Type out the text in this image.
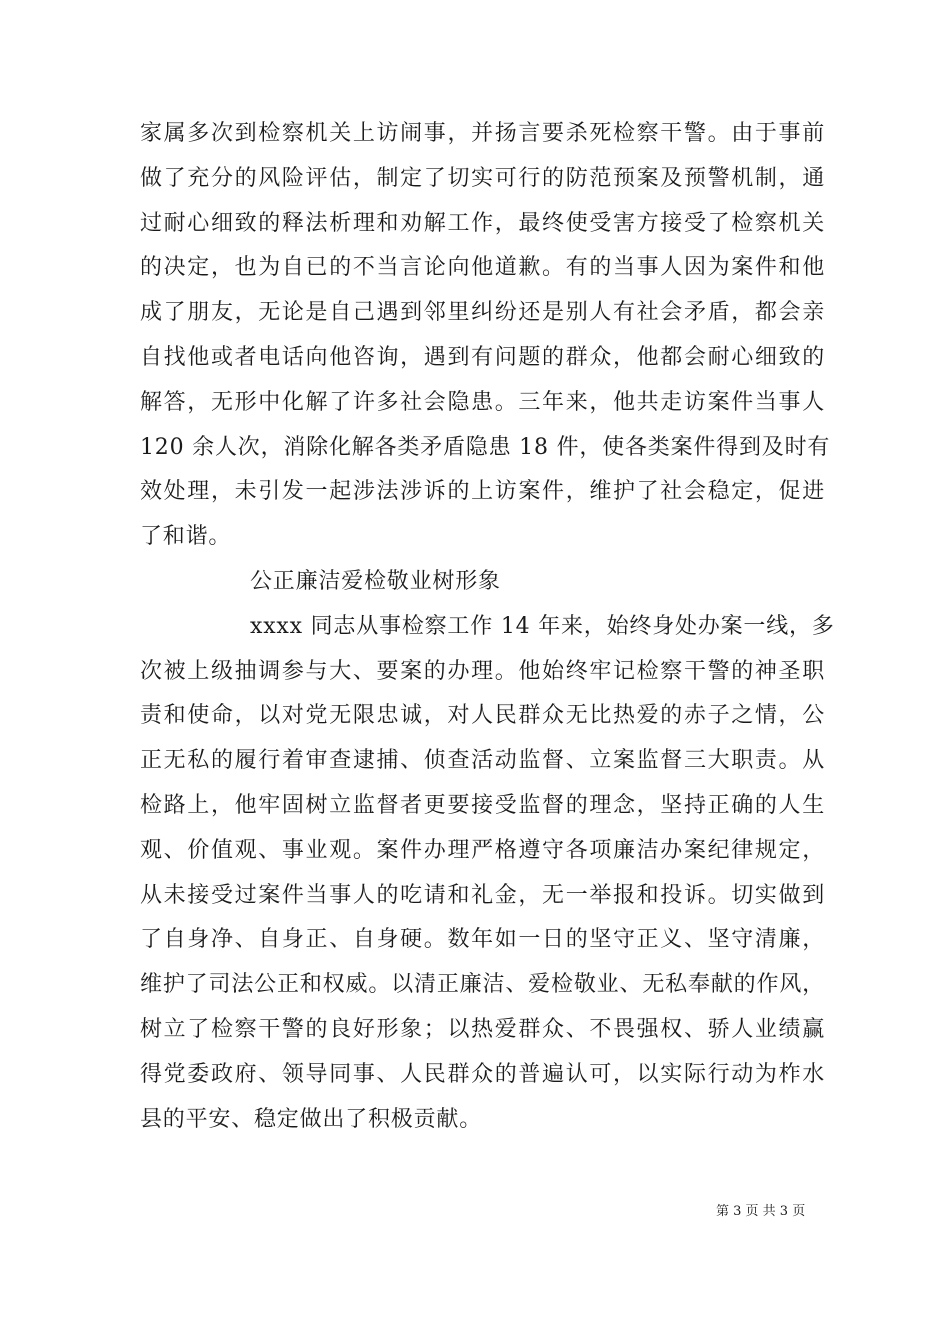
家属多次到检察机关上访闹事，并扬言要杀死检察干警。由于事前
做了充分的风险评估，制定了切实可行的防范预案及预警机制，通
过耐心细致的释法析理和劝解工作，最终使受害方接受了检察机关
的决定，也为自已的不当言论向他道歉。有的当事人因为案件和他
成了朋友，无论是自己遇到邻里纠纷还是别人有社会矛盾，都会亲
自找他或者电话向他咨询，遇到有问题的群众，他都会耐心细致的
解答，无形中化解了许多社会隐患。三年来，他共走访案件当事人
120 余人次，消除化解各类矛盾隐患 18 件，使各类案件得到及时有
效处理，未引发一起涉法涉诉的上访案件，维护了社会稳定，促进
了和谐。
公正廉洁爱检敬业树形象
xxxx 同志从事检察工作 14 年来，始终身处办案一线，多
次被上级抽调参与大、要案的办理。他始终牢记检察干警的神圣职
责和使命，以对党无限忠诚，对人民群众无比热爱的赤子之情，公
正无私的履行着审查逮捕、侦查活动监督、立案监督三大职责。从
检路上，他牢固树立监督者更要接受监督的理念，坚持正确的人生
观、价值观、事业观。案件办理严格遵守各项廉洁办案纪律规定，
从未接受过案件当事人的吃请和礼金，无一举报和投诉。切实做到
了自身净、自身正、自身硬。数年如一日的坚守正义、坚守清廉，
维护了司法公正和权威。以清正廉洁、爱检敬业、无私奉献的作风，
树立了检察干警的良好形象；以热爱群众、不畏强权、骄人业绩赢
得党委政府、领导同事、人民群众的普遍认可，以实际行动为柞水
县的平安、稳定做出了积极贡献。
第 3 页 共 3 页
